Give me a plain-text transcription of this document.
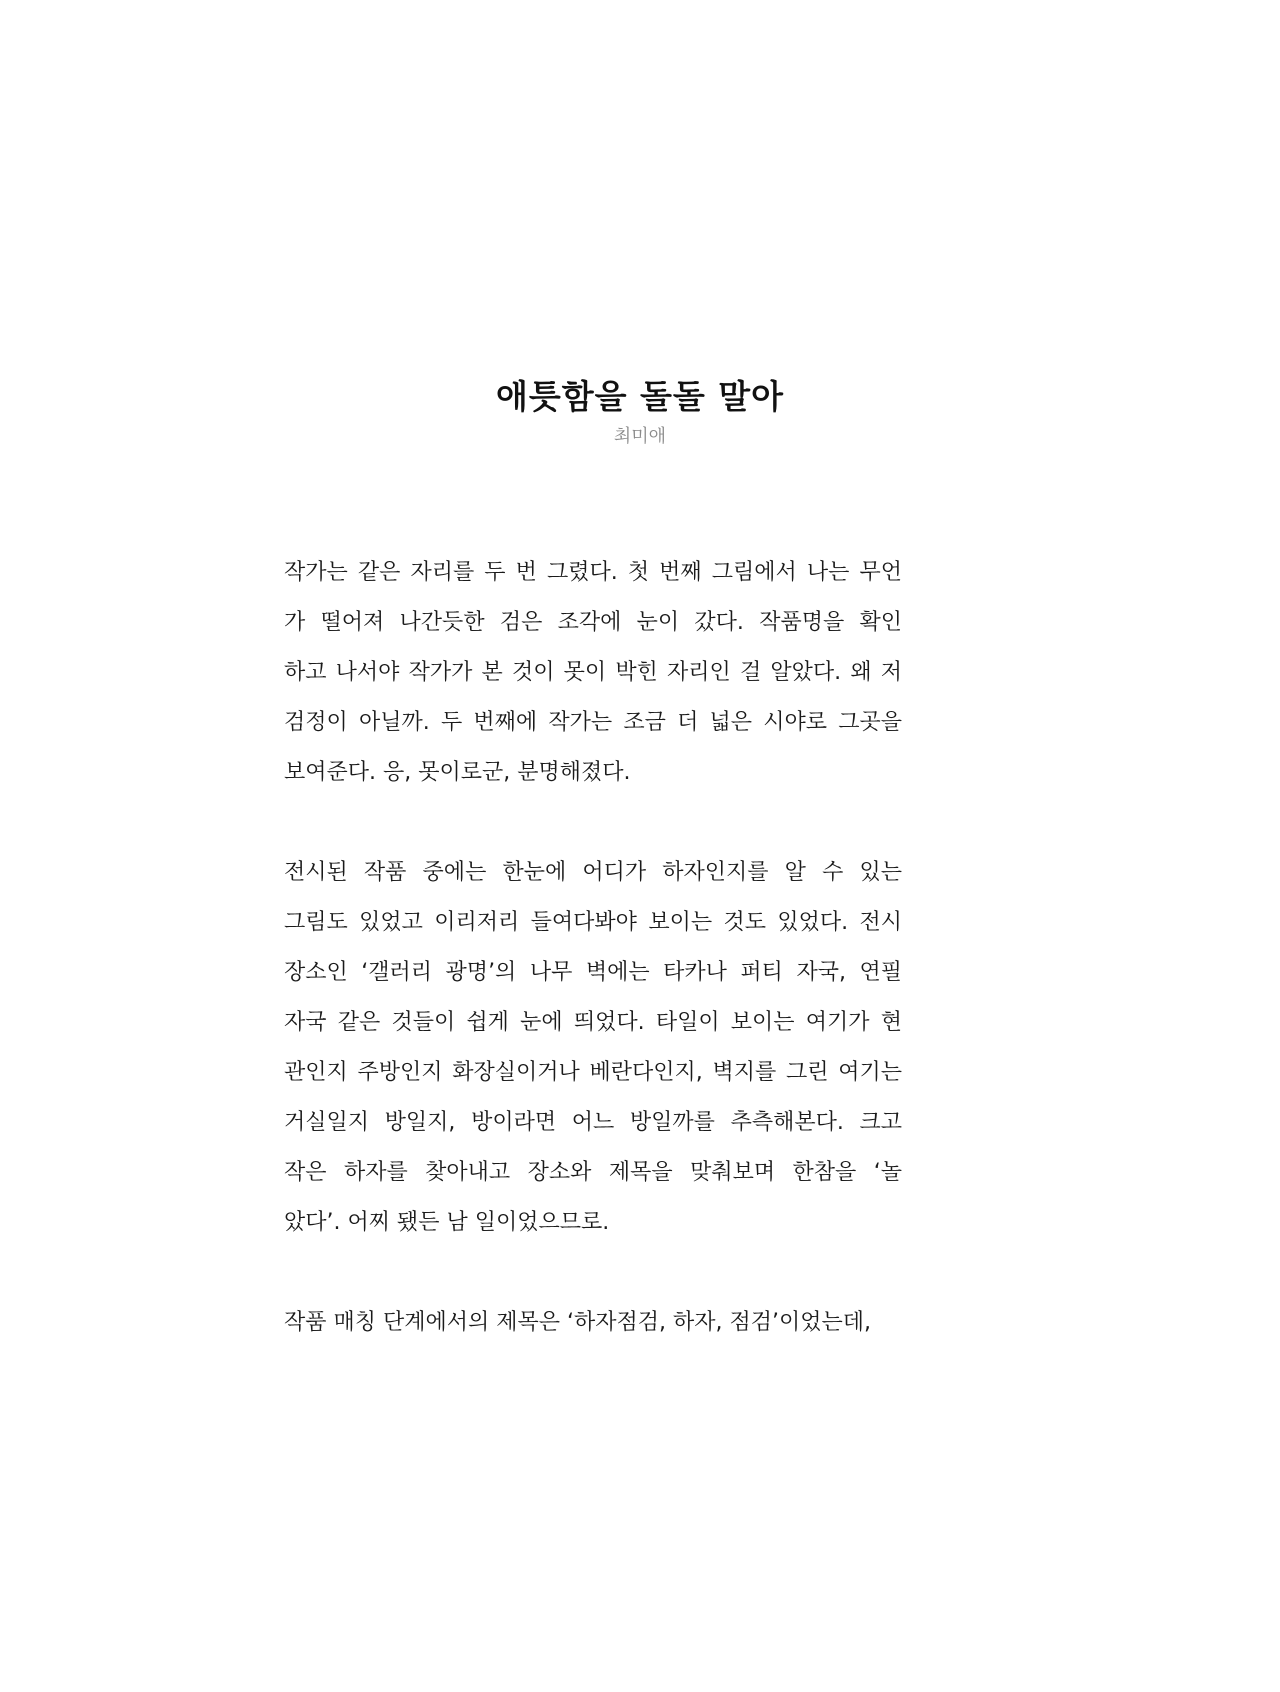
애틋함을 돌돌 말아
최미애

작가는 같은 자리를 두 번 그렸다. 첫 번째 그림에서 나는 무언
가 떨어져 나간듯한 검은 조각에 눈이 갔다. 작품명을 확인
하고 나서야 작가가 본 것이 못이 박힌 자리인 걸 알았다. 왜 저
검정이 아닐까. 두 번째에 작가는 조금 더 넓은 시야로 그곳을
보여준다. 응, 못이로군, 분명해졌다.

전시된 작품 중에는 한눈에 어디가 하자인지를 알 수 있는
그림도 있었고 이리저리 들여다봐야 보이는 것도 있었다. 전시
장소인 ‘갤러리 광명’의 나무 벽에는 타카나 퍼티 자국, 연필
자국 같은 것들이 쉽게 눈에 띄었다. 타일이 보이는 여기가 현
관인지 주방인지 화장실이거나 베란다인지, 벽지를 그린 여기는
거실일지 방일지, 방이라면 어느 방일까를 추측해본다. 크고
작은 하자를 찾아내고 장소와 제목을 맞춰보며 한참을 ‘놀
았다’. 어찌 됐든 남 일이었으므로.

작품 매칭 단계에서의 제목은 ‘하자점검, 하자, 점검’이었는데,
